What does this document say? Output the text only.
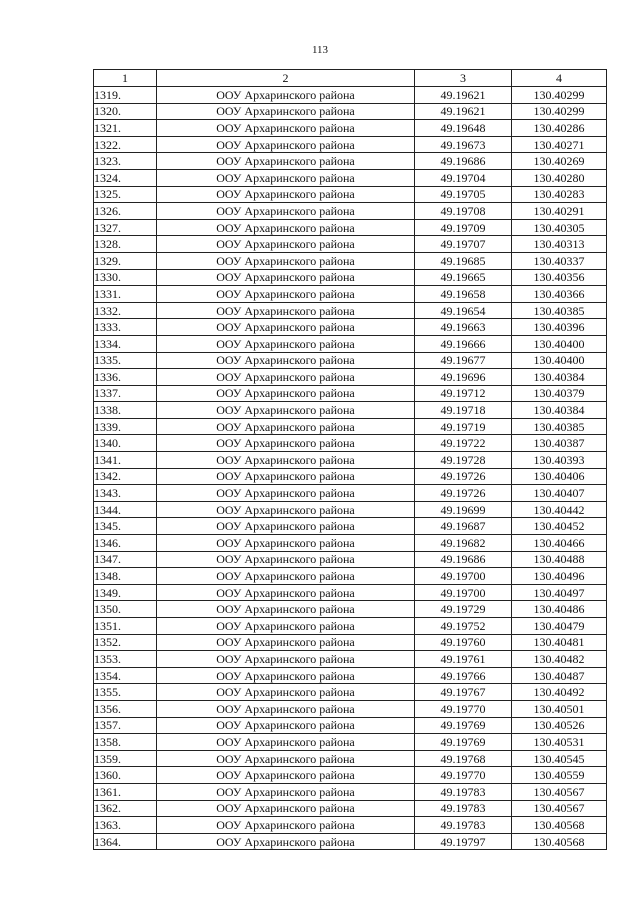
113
1	2	3	4
1319.	ООУ Архаринского района	49.19621	130.40299
1320.	ООУ Архаринского района	49.19621	130.40299
1321.	ООУ Архаринского района	49.19648	130.40286
1322.	ООУ Архаринского района	49.19673	130.40271
1323.	ООУ Архаринского района	49.19686	130.40269
1324.	ООУ Архаринского района	49.19704	130.40280
1325.	ООУ Архаринского района	49.19705	130.40283
1326.	ООУ Архаринского района	49.19708	130.40291
1327.	ООУ Архаринского района	49.19709	130.40305
1328.	ООУ Архаринского района	49.19707	130.40313
1329.	ООУ Архаринского района	49.19685	130.40337
1330.	ООУ Архаринского района	49.19665	130.40356
1331.	ООУ Архаринского района	49.19658	130.40366
1332.	ООУ Архаринского района	49.19654	130.40385
1333.	ООУ Архаринского района	49.19663	130.40396
1334.	ООУ Архаринского района	49.19666	130.40400
1335.	ООУ Архаринского района	49.19677	130.40400
1336.	ООУ Архаринского района	49.19696	130.40384
1337.	ООУ Архаринского района	49.19712	130.40379
1338.	ООУ Архаринского района	49.19718	130.40384
1339.	ООУ Архаринского района	49.19719	130.40385
1340.	ООУ Архаринского района	49.19722	130.40387
1341.	ООУ Архаринского района	49.19728	130.40393
1342.	ООУ Архаринского района	49.19726	130.40406
1343.	ООУ Архаринского района	49.19726	130.40407
1344.	ООУ Архаринского района	49.19699	130.40442
1345.	ООУ Архаринского района	49.19687	130.40452
1346.	ООУ Архаринского района	49.19682	130.40466
1347.	ООУ Архаринского района	49.19686	130.40488
1348.	ООУ Архаринского района	49.19700	130.40496
1349.	ООУ Архаринского района	49.19700	130.40497
1350.	ООУ Архаринского района	49.19729	130.40486
1351.	ООУ Архаринского района	49.19752	130.40479
1352.	ООУ Архаринского района	49.19760	130.40481
1353.	ООУ Архаринского района	49.19761	130.40482
1354.	ООУ Архаринского района	49.19766	130.40487
1355.	ООУ Архаринского района	49.19767	130.40492
1356.	ООУ Архаринского района	49.19770	130.40501
1357.	ООУ Архаринского района	49.19769	130.40526
1358.	ООУ Архаринского района	49.19769	130.40531
1359.	ООУ Архаринского района	49.19768	130.40545
1360.	ООУ Архаринского района	49.19770	130.40559
1361.	ООУ Архаринского района	49.19783	130.40567
1362.	ООУ Архаринского района	49.19783	130.40567
1363.	ООУ Архаринского района	49.19783	130.40568
1364.	ООУ Архаринского района	49.19797	130.40568
